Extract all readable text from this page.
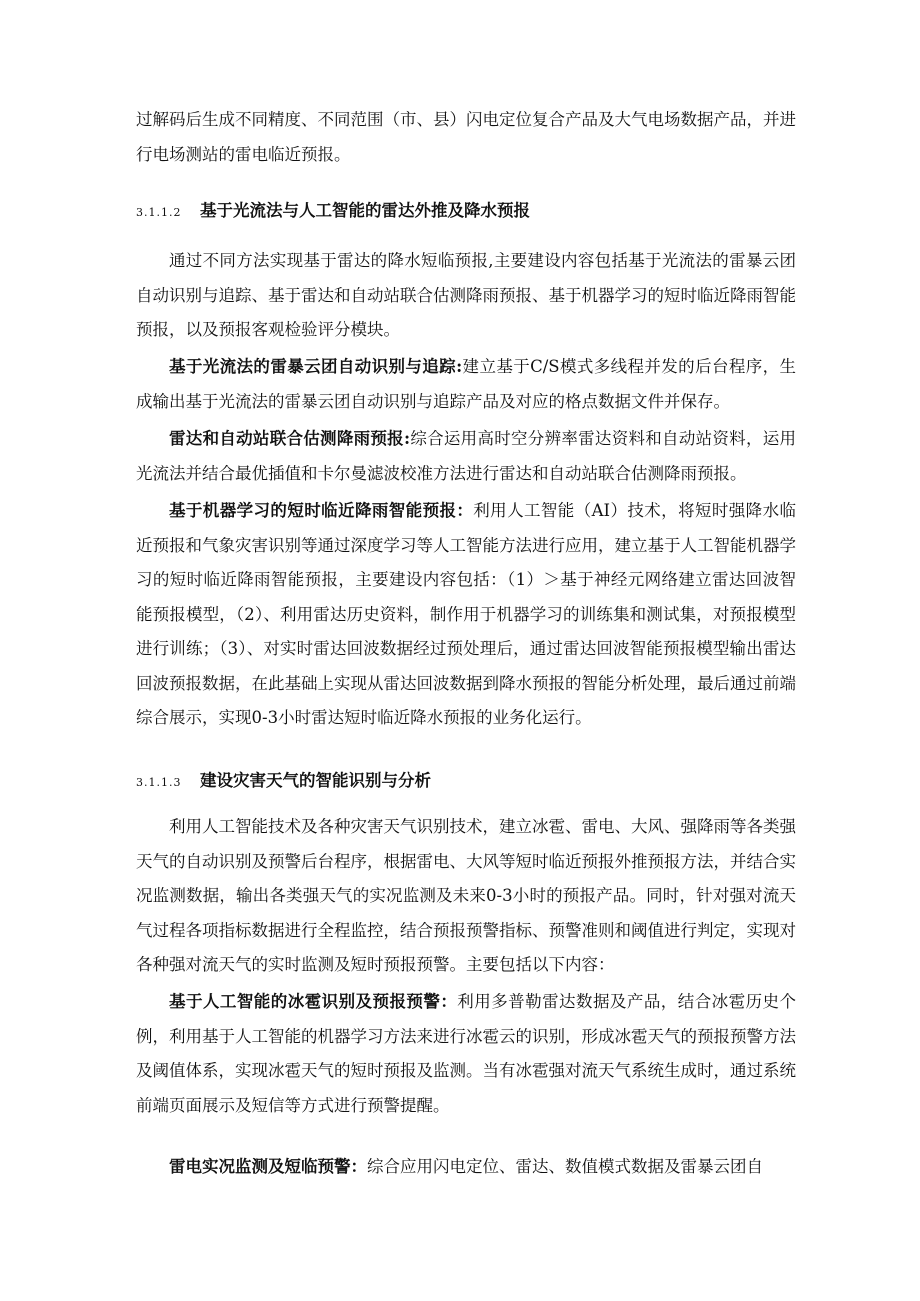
过解码后生成不同精度、不同范围（市、县）闪电定位复合产品及大气电场数据产品，并进行电场测站的雷电临近预报。

3.1.1.2 基于光流法与人工智能的雷达外推及降水预报

通过不同方法实现基于雷达的降水短临预报,主要建设内容包括基于光流法的雷暴云团自动识别与追踪、基于雷达和自动站联合估测降雨预报、基于机器学习的短时临近降雨智能预报，以及预报客观检验评分模块。

基于光流法的雷暴云团自动识别与追踪:建立基于C/S模式多线程并发的后台程序，生成输出基于光流法的雷暴云团自动识别与追踪产品及对应的格点数据文件并保存。

雷达和自动站联合估测降雨预报:综合运用高时空分辨率雷达资料和自动站资料，运用光流法并结合最优插值和卡尔曼滤波校准方法进行雷达和自动站联合估测降雨预报。

基于机器学习的短时临近降雨智能预报：利用人工智能（AI）技术，将短时强降水临近预报和气象灾害识别等通过深度学习等人工智能方法进行应用，建立基于人工智能机器学习的短时临近降雨智能预报，主要建设内容包括：（1）＞基于神经元网络建立雷达回波智能预报模型，（2）、利用雷达历史资料，制作用于机器学习的训练集和测试集，对预报模型进行训练；（3）、对实时雷达回波数据经过预处理后，通过雷达回波智能预报模型输出雷达回波预报数据，在此基础上实现从雷达回波数据到降水预报的智能分析处理，最后通过前端综合展示，实现0-3小时雷达短时临近降水预报的业务化运行。

3.1.1.3 建设灾害天气的智能识别与分析

利用人工智能技术及各种灾害天气识别技术，建立冰雹、雷电、大风、强降雨等各类强天气的自动识别及预警后台程序，根据雷电、大风等短时临近预报外推预报方法，并结合实况监测数据，输出各类强天气的实况监测及未来0-3小时的预报产品。同时，针对强对流天气过程各项指标数据进行全程监控，结合预报预警指标、预警准则和阈值进行判定，实现对各种强对流天气的实时监测及短时预报预警。主要包括以下内容：

基于人工智能的冰雹识别及预报预警：利用多普勒雷达数据及产品，结合冰雹历史个例，利用基于人工智能的机器学习方法来进行冰雹云的识别，形成冰雹天气的预报预警方法及阈值体系，实现冰雹天气的短时预报及监测。当有冰雹强对流天气系统生成时，通过系统前端页面展示及短信等方式进行预警提醒。

雷电实况监测及短临预警：综合应用闪电定位、雷达、数值模式数据及雷暴云团自
